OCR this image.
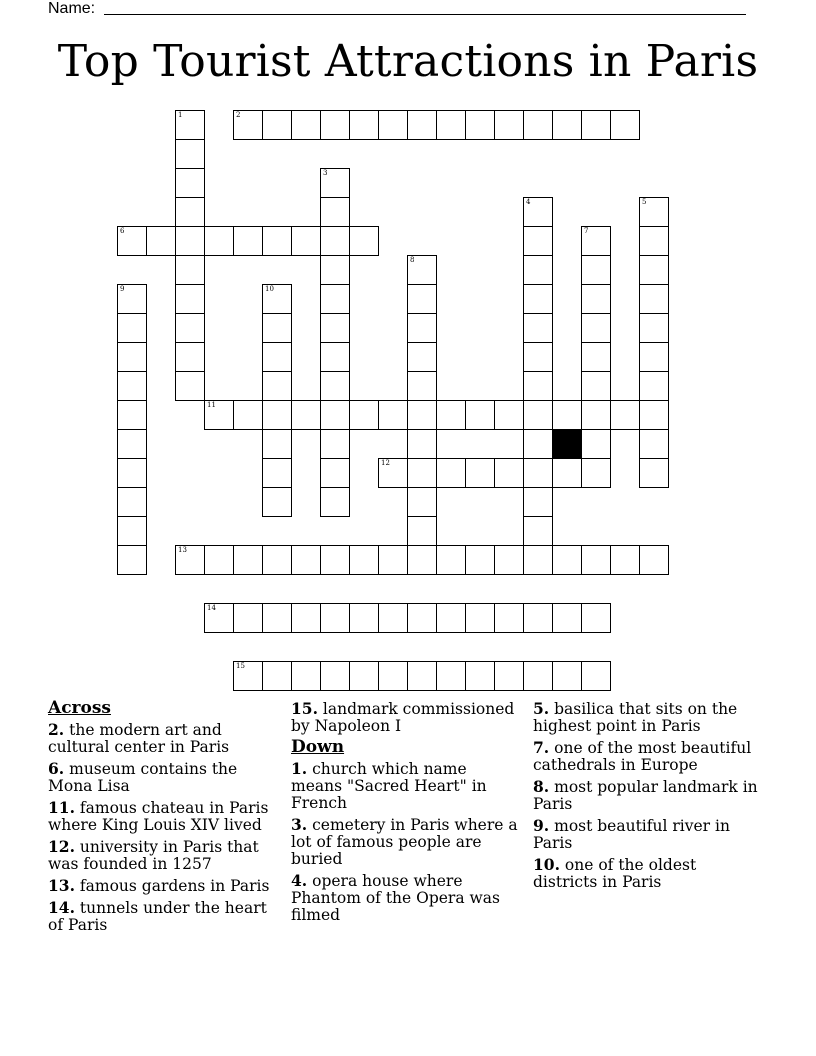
Name:
Top Tourist Attractions in Paris
1	2
3
4	5
6	7
8
9	10
11
12
13
14
15
Across
2. the modern art and cultural center in Paris
6. museum contains the Mona Lisa
11. famous chateau in Paris where King Louis XIV lived
12. university in Paris that was founded in 1257
13. famous gardens in Paris
14. tunnels under the heart of Paris
15. landmark commissioned by Napoleon I
Down
1. church which name means "Sacred Heart" in French
3. cemetery in Paris where a lot of famous people are buried
4. opera house where Phantom of the Opera was filmed
5. basilica that sits on the highest point in Paris
7. one of the most beautiful cathedrals in Europe
8. most popular landmark in Paris
9. most beautiful river in Paris
10. one of the oldest districts in Paris
